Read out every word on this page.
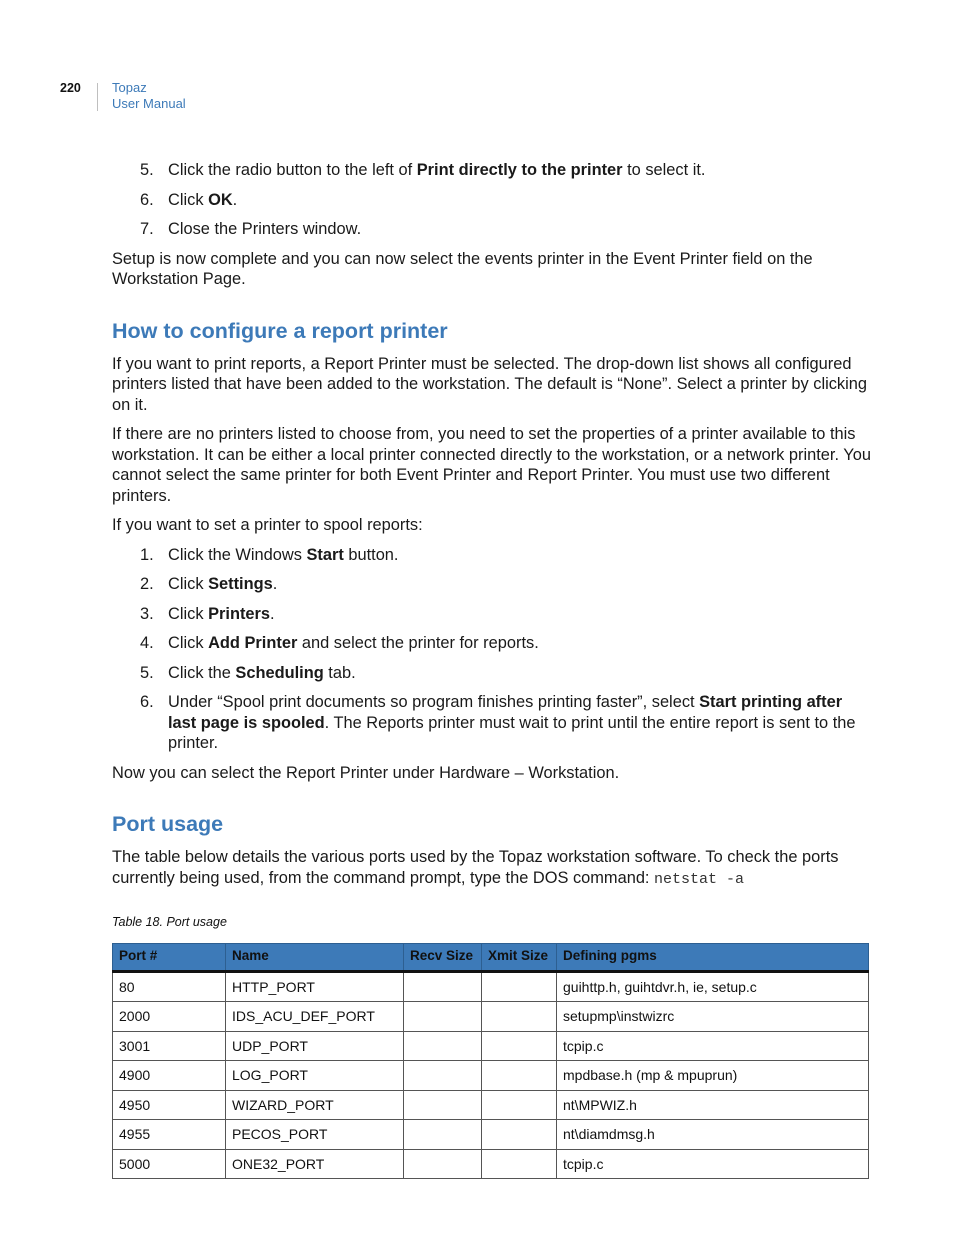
220 Topaz
User Manual
5. Click the radio button to the left of Print directly to the printer to select it.
6. Click OK.
7. Close the Printers window.

Setup is now complete and you can now select the events printer in the Event Printer field on the Workstation Page.

How to configure a report printer

If you want to print reports, a Report Printer must be selected. The drop-down list shows all configured printers listed that have been added to the workstation. The default is “None”. Select a printer by clicking on it.

If there are no printers listed to choose from, you need to set the properties of a printer available to this workstation. It can be either a local printer connected directly to the workstation, or a network printer. You cannot select the same printer for both Event Printer and Report Printer. You must use two different printers.

If you want to set a printer to spool reports:

1. Click the Windows Start button.
2. Click Settings.
3. Click Printers.
4. Click Add Printer and select the printer for reports.
5. Click the Scheduling tab.
6. Under “Spool print documents so program finishes printing faster”, select Start printing after last page is spooled. The Reports printer must wait to print until the entire report is sent to the printer.

Now you can select the Report Printer under Hardware – Workstation.

Port usage

The table below details the various ports used by the Topaz workstation software. To check the ports currently being used, from the command prompt, type the DOS command: netstat -a

Table 18. Port usage
Port #	Name	Recv Size	Xmit Size	Defining pgms
80	HTTP_PORT			guihttp.h, guihtdvr.h, ie, setup.c
2000	IDS_ACU_DEF_PORT			setupmp\instwizrc
3001	UDP_PORT			tcpip.c
4900	LOG_PORT			mpdbase.h (mp & mpuprun)
4950	WIZARD_PORT			nt\MPWIZ.h
4955	PECOS_PORT			nt\diamdmsg.h
5000	ONE32_PORT			tcpip.c
